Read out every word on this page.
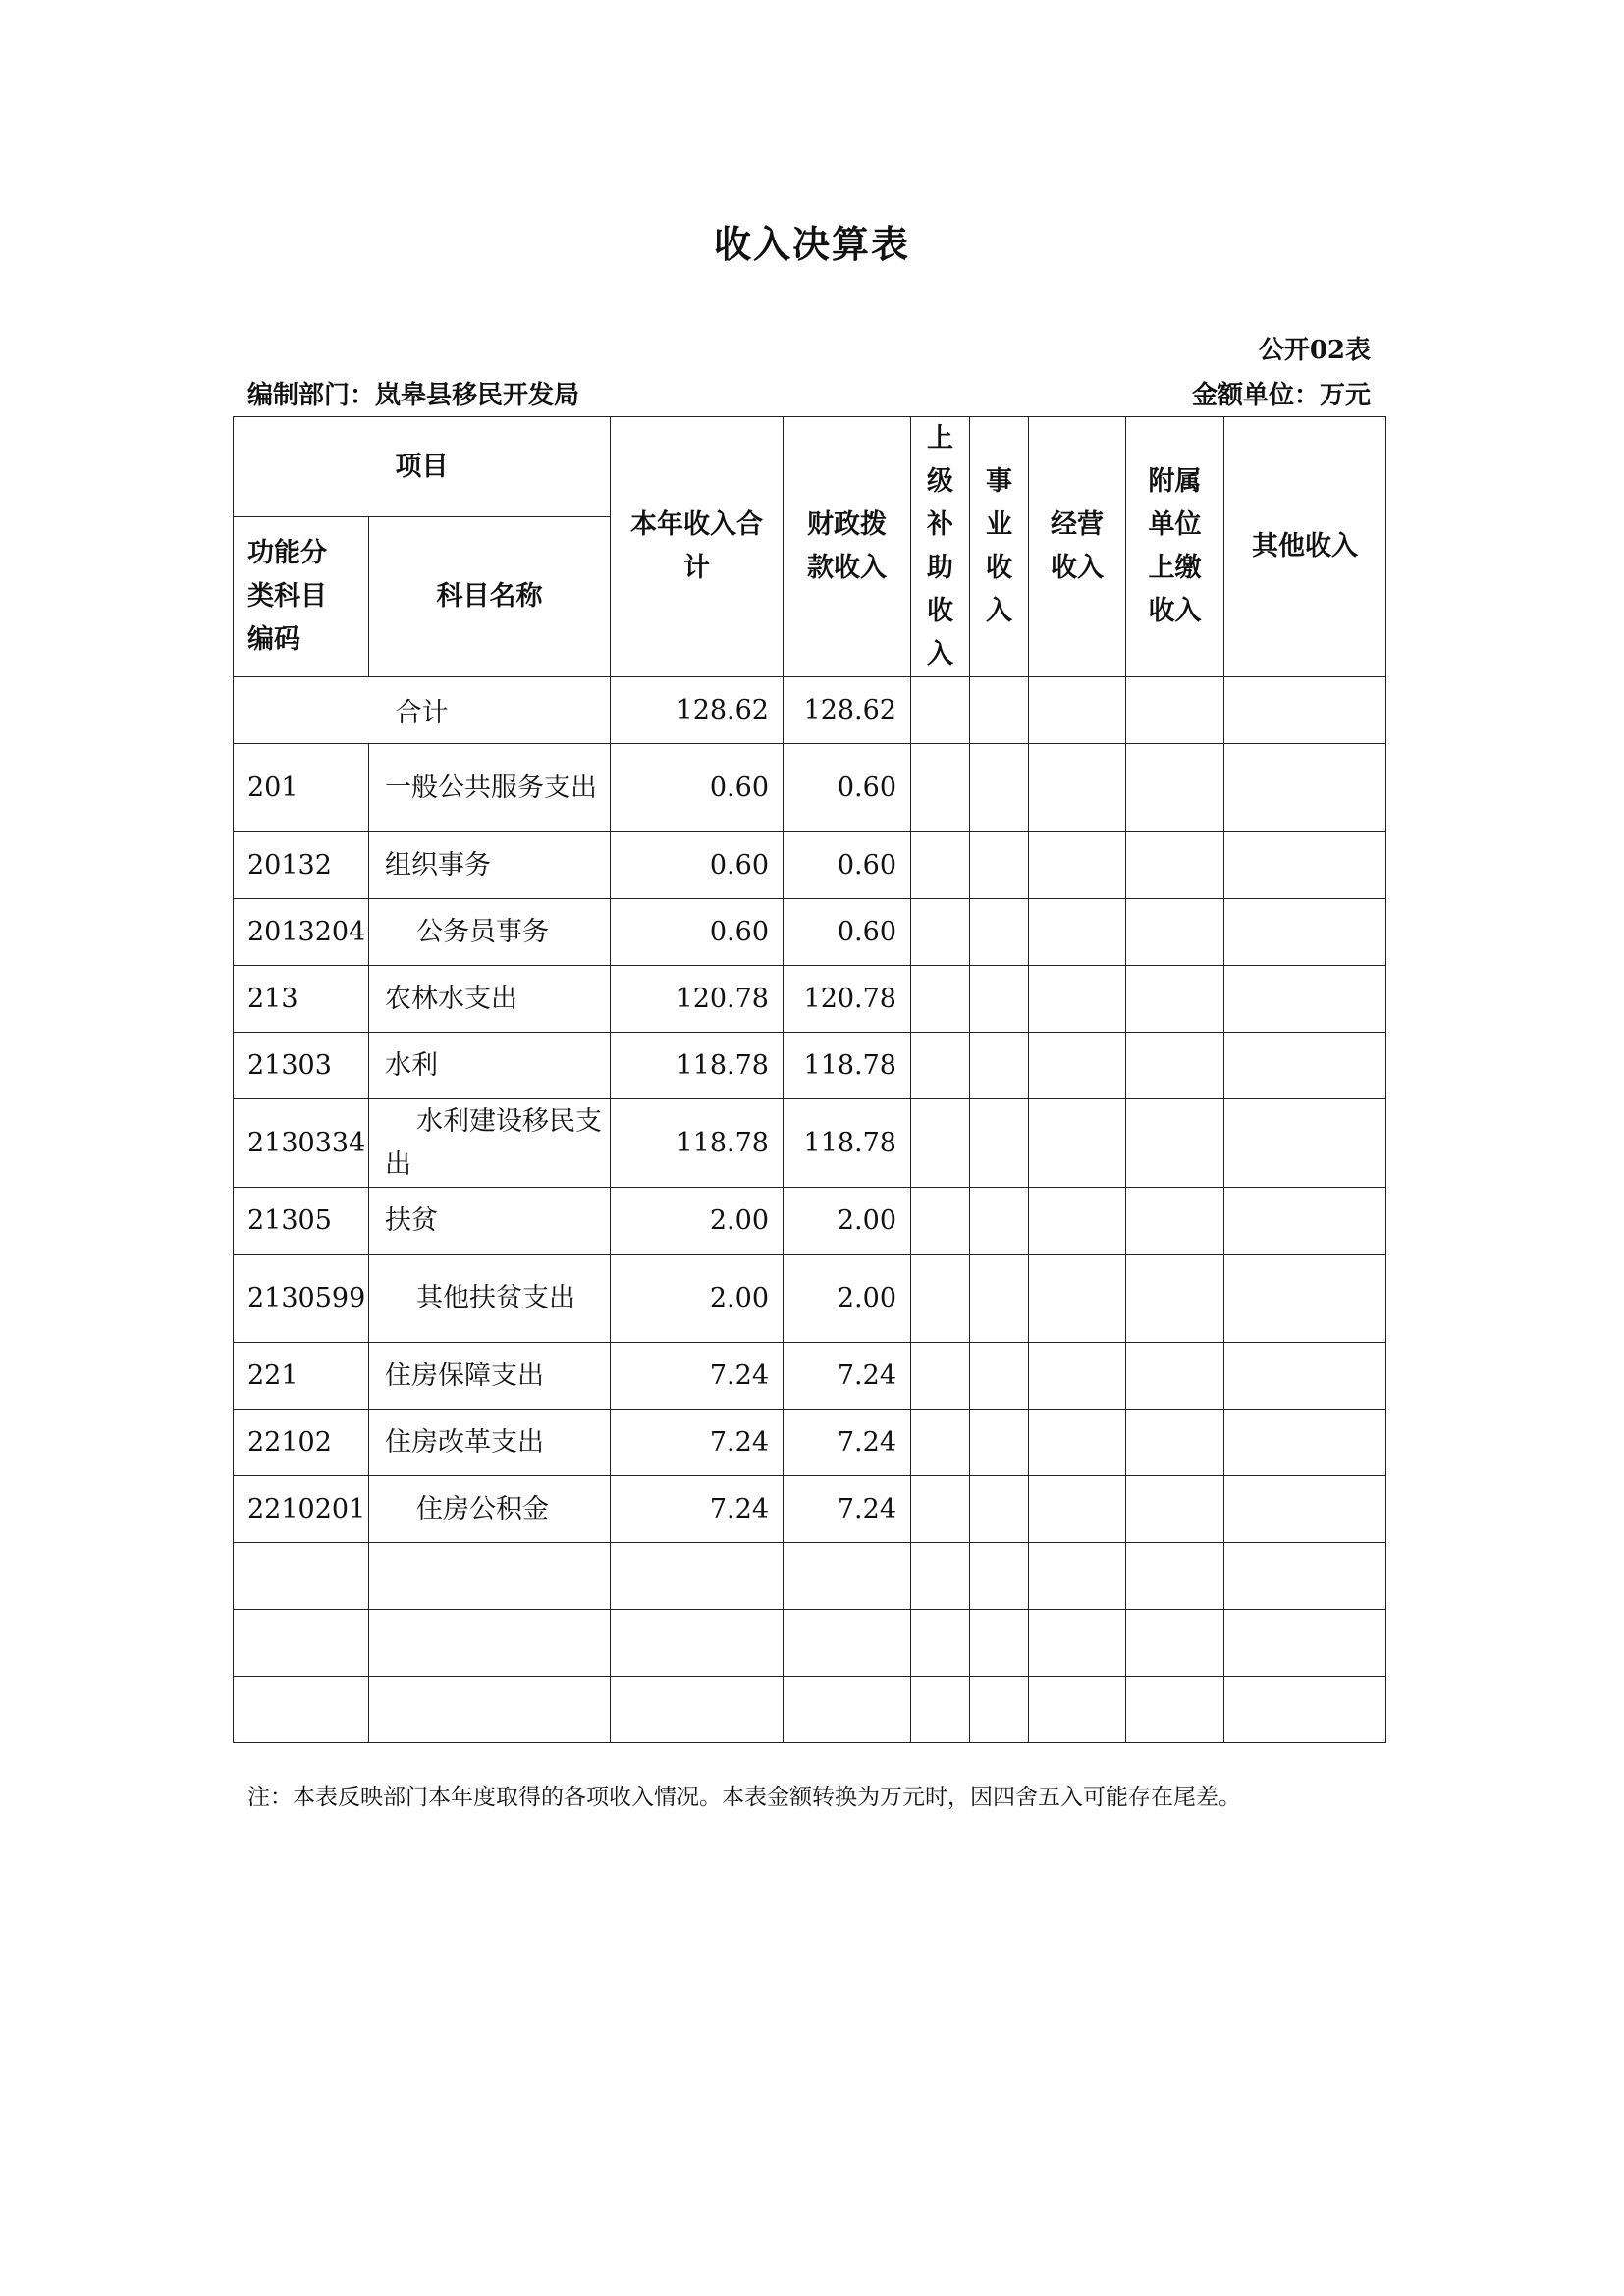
收入决算表
公开02表
编制部门：岚皋县移民开发局	金额单位：万元
项目		本年收入合计	财政拨款收入	上级补助收入	事业收入	经营收入	附属单位上缴收入	其他收入
功能分类科目编码	科目名称							
合计		128.62	128.62					
201	一般公共服务支出	0.60	0.60					
20132	组织事务	0.60	0.60					
2013204	公务员事务	0.60	0.60					
213	农林水支出	120.78	120.78					
21303	水利	118.78	118.78					
2130334	水利建设移民支出	118.78	118.78					
21305	扶贫	2.00	2.00					
2130599	其他扶贫支出	2.00	2.00					
221	住房保障支出	7.24	7.24					
22102	住房改革支出	7.24	7.24					
2210201	住房公积金	7.24	7.24					

注：本表反映部门本年度取得的各项收入情况。本表金额转换为万元时，因四舍五入可能存在尾差。
